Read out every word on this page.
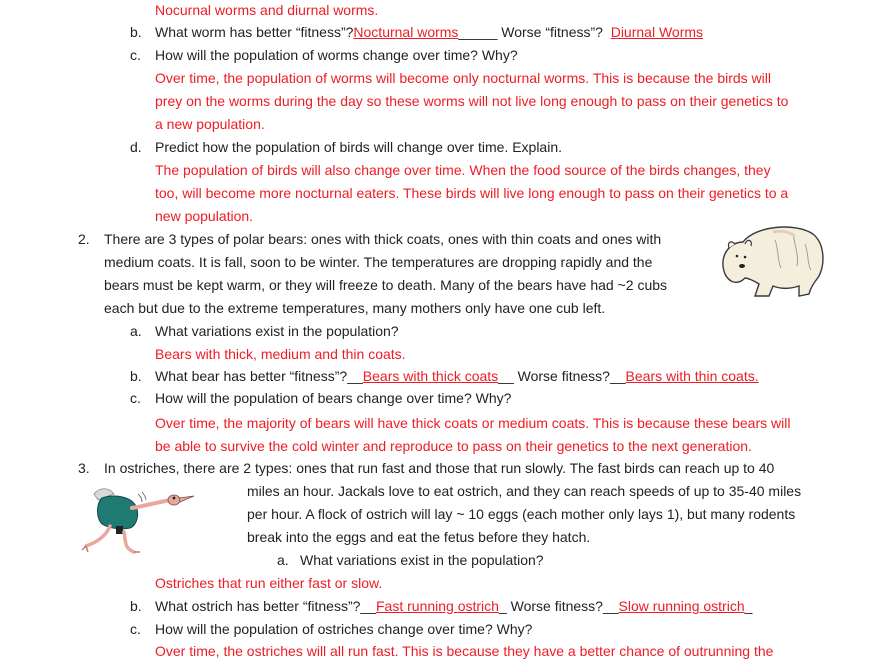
Nocurnal worms and diurnal worms.
b. What worm has better “fitness”?Nocturnal worms_____ Worse “fitness”?  Diurnal Worms
c. How will the population of worms change over time? Why?
Over time, the population of worms will become only nocturnal worms. This is because the birds will
prey on the worms during the day so these worms will not live long enough to pass on their genetics to
a new population.
d. Predict how the population of birds will change over time. Explain.
The population of birds will also change over time. When the food source of the birds changes, they
too, will become more nocturnal eaters. These birds will live long enough to pass on their genetics to a
new population.
2. There are 3 types of polar bears: ones with thick coats, ones with thin coats and ones with
medium coats. It is fall, soon to be winter. The temperatures are dropping rapidly and the
bears must be kept warm, or they will freeze to death. Many of the bears have had ~2 cubs
each but due to the extreme temperatures, many mothers only have one cub left.
a. What variations exist in the population?
Bears with thick, medium and thin coats.
b. What bear has better “fitness”?__Bears with thick coats__ Worse fitness?__Bears with thin coats.
c. How will the population of bears change over time? Why?
Over time, the majority of bears will have thick coats or medium coats. This is because these bears will
be able to survive the cold winter and reproduce to pass on their genetics to the next generation.
3. In ostriches, there are 2 types: ones that run fast and those that run slowly. The fast birds can reach up to 40
miles an hour. Jackals love to eat ostrich, and they can reach speeds of up to 35-40 miles
per hour. A flock of ostrich will lay ~ 10 eggs (each mother only lays 1), but many rodents
break into the eggs and eat the fetus before they hatch.
a. What variations exist in the population?
Ostriches that run either fast or slow.
b. What ostrich has better “fitness”?__Fast running ostrich_ Worse fitness?__Slow running ostrich_
c. How will the population of ostriches change over time? Why?
Over time, the ostriches will all run fast. This is because they have a better chance of outrunning the
